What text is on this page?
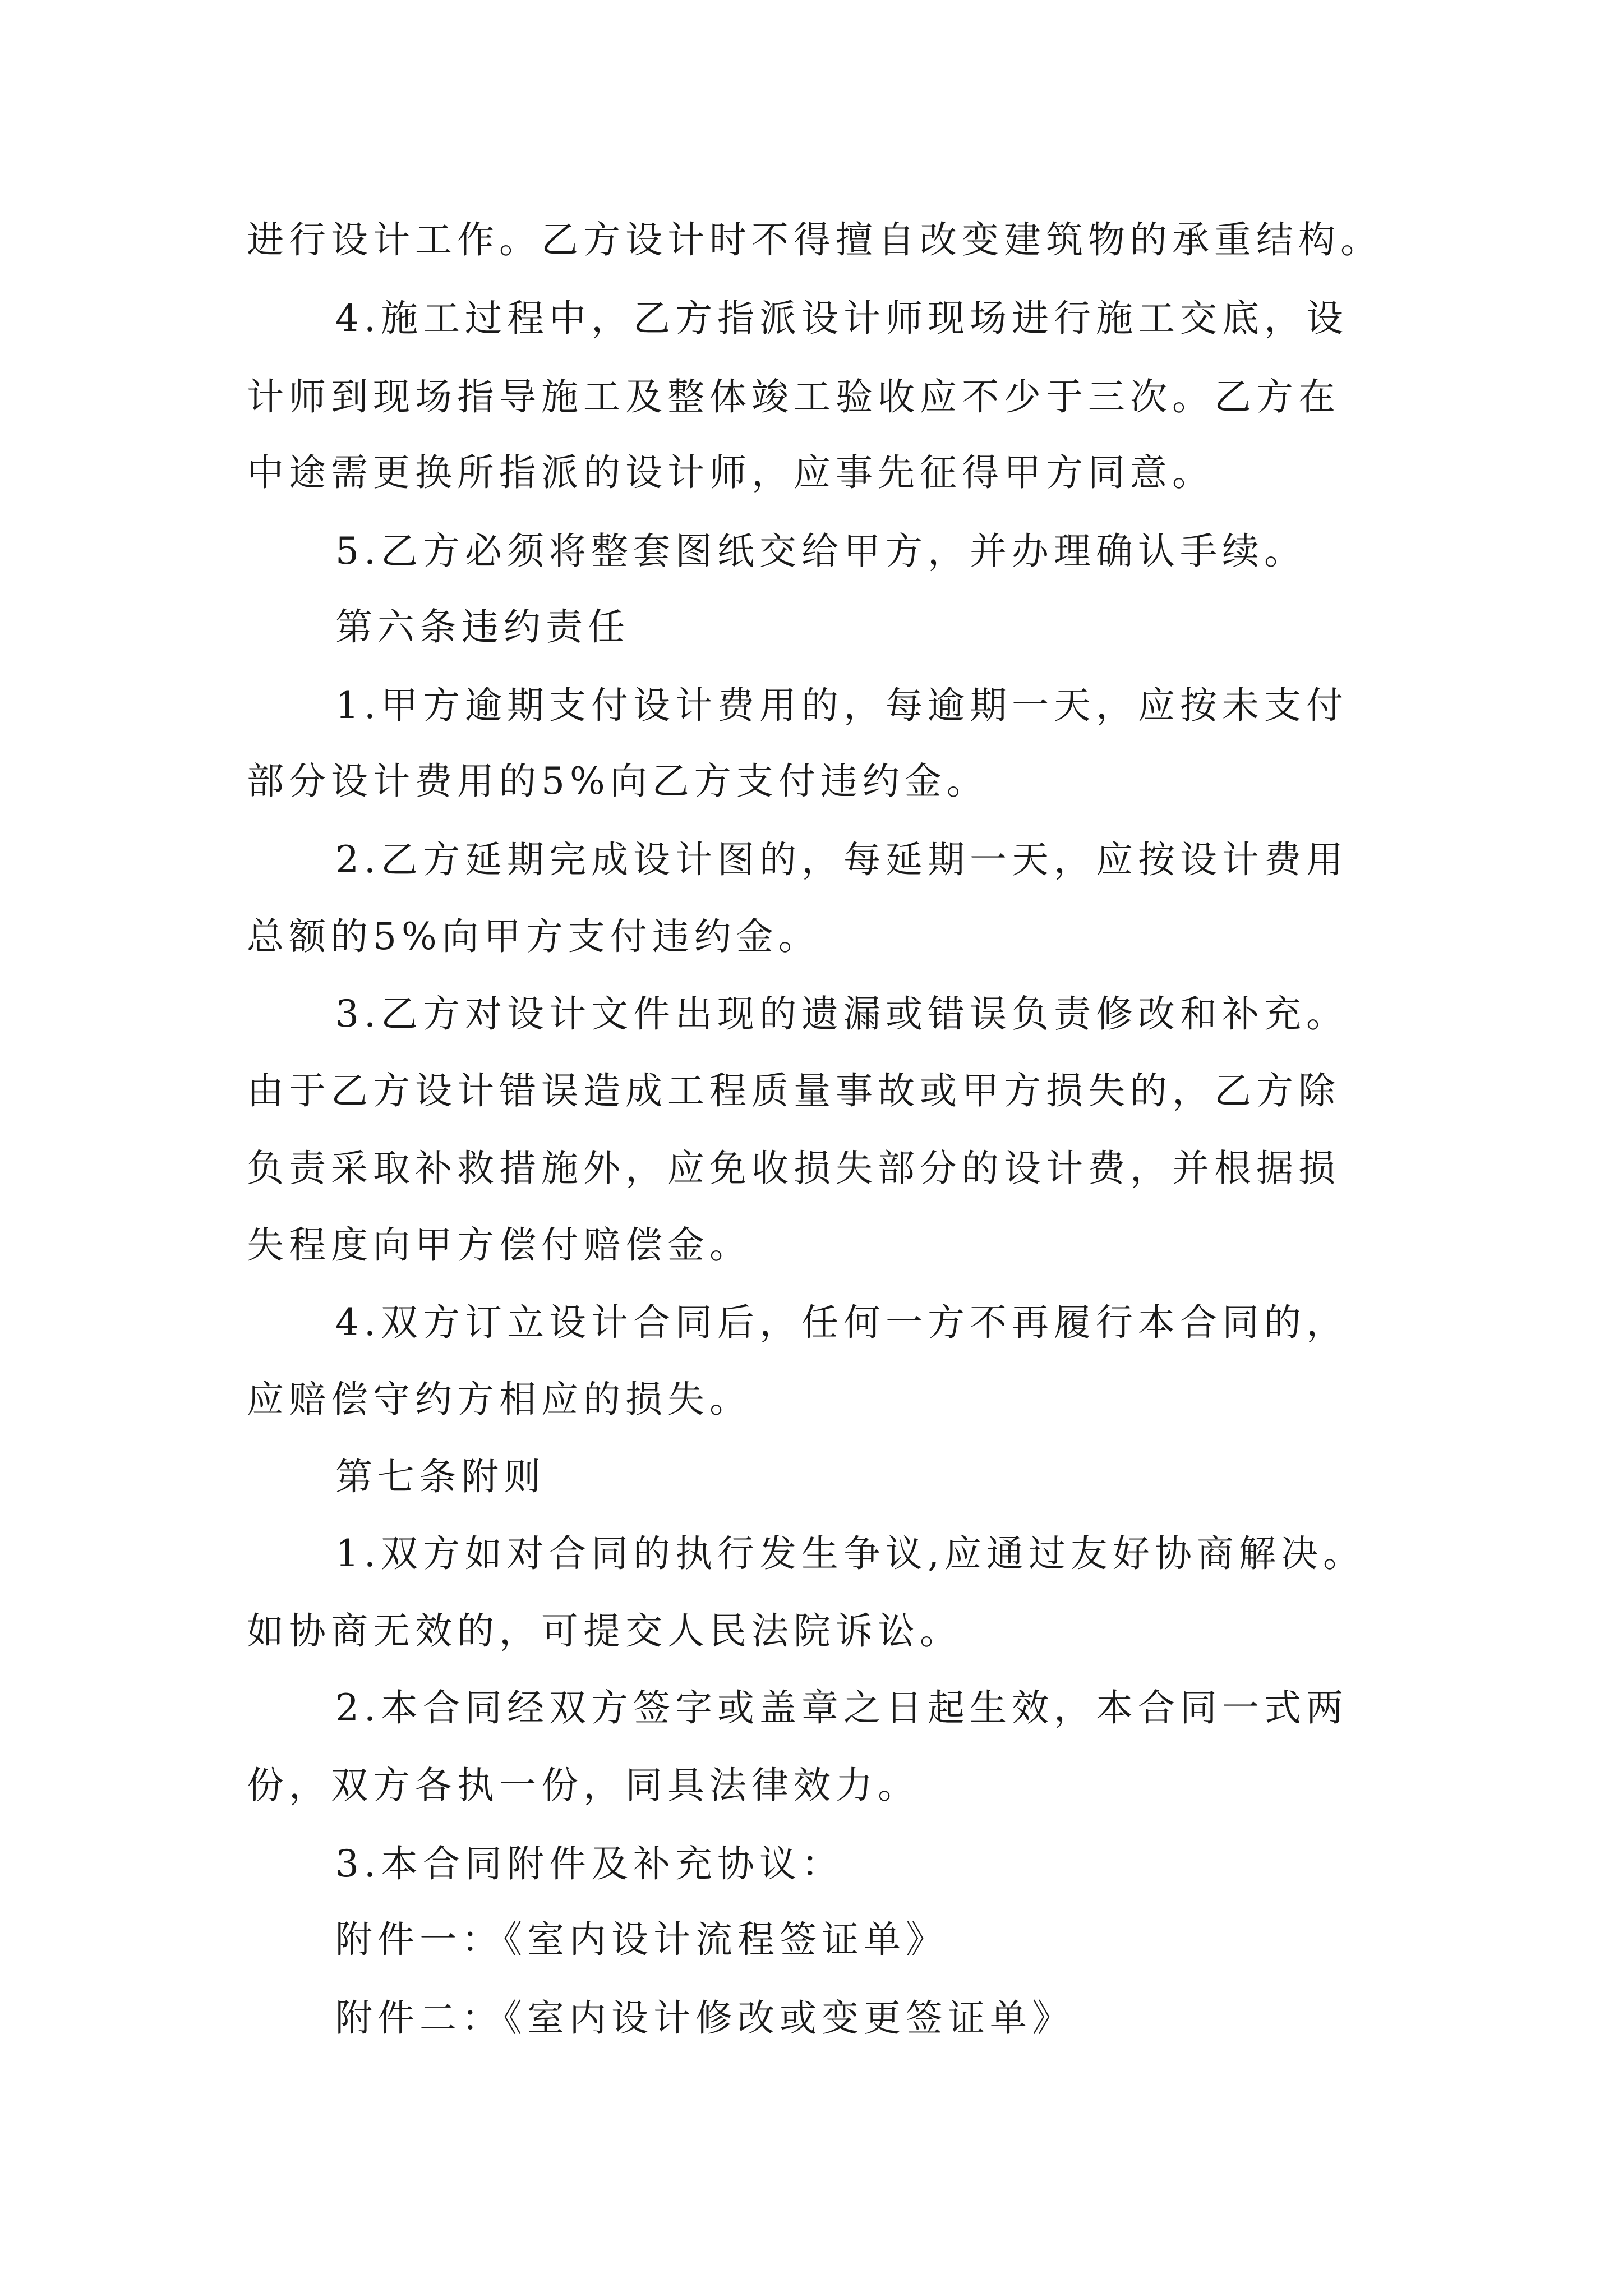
进行设计工作。乙方设计时不得擅自改变建筑物的承重结构。
4.施工过程中，乙方指派设计师现场进行施工交底，设
计师到现场指导施工及整体竣工验收应不少于三次。乙方在
中途需更换所指派的设计师，应事先征得甲方同意。
5.乙方必须将整套图纸交给甲方，并办理确认手续。
第六条违约责任
1.甲方逾期支付设计费用的，每逾期一天，应按未支付
部分设计费用的5%向乙方支付违约金。
2.乙方延期完成设计图的，每延期一天，应按设计费用
总额的5%向甲方支付违约金。
3.乙方对设计文件出现的遗漏或错误负责修改和补充。
由于乙方设计错误造成工程质量事故或甲方损失的，乙方除
负责采取补救措施外，应免收损失部分的设计费，并根据损
失程度向甲方偿付赔偿金。
4.双方订立设计合同后，任何一方不再履行本合同的，
应赔偿守约方相应的损失。
第七条附则
1.双方如对合同的执行发生争议,应通过友好协商解决。
如协商无效的，可提交人民法院诉讼。
2.本合同经双方签字或盖章之日起生效，本合同一式两
份，双方各执一份，同具法律效力。
3.本合同附件及补充协议：
附件一：《室内设计流程签证单》
附件二：《室内设计修改或变更签证单》
